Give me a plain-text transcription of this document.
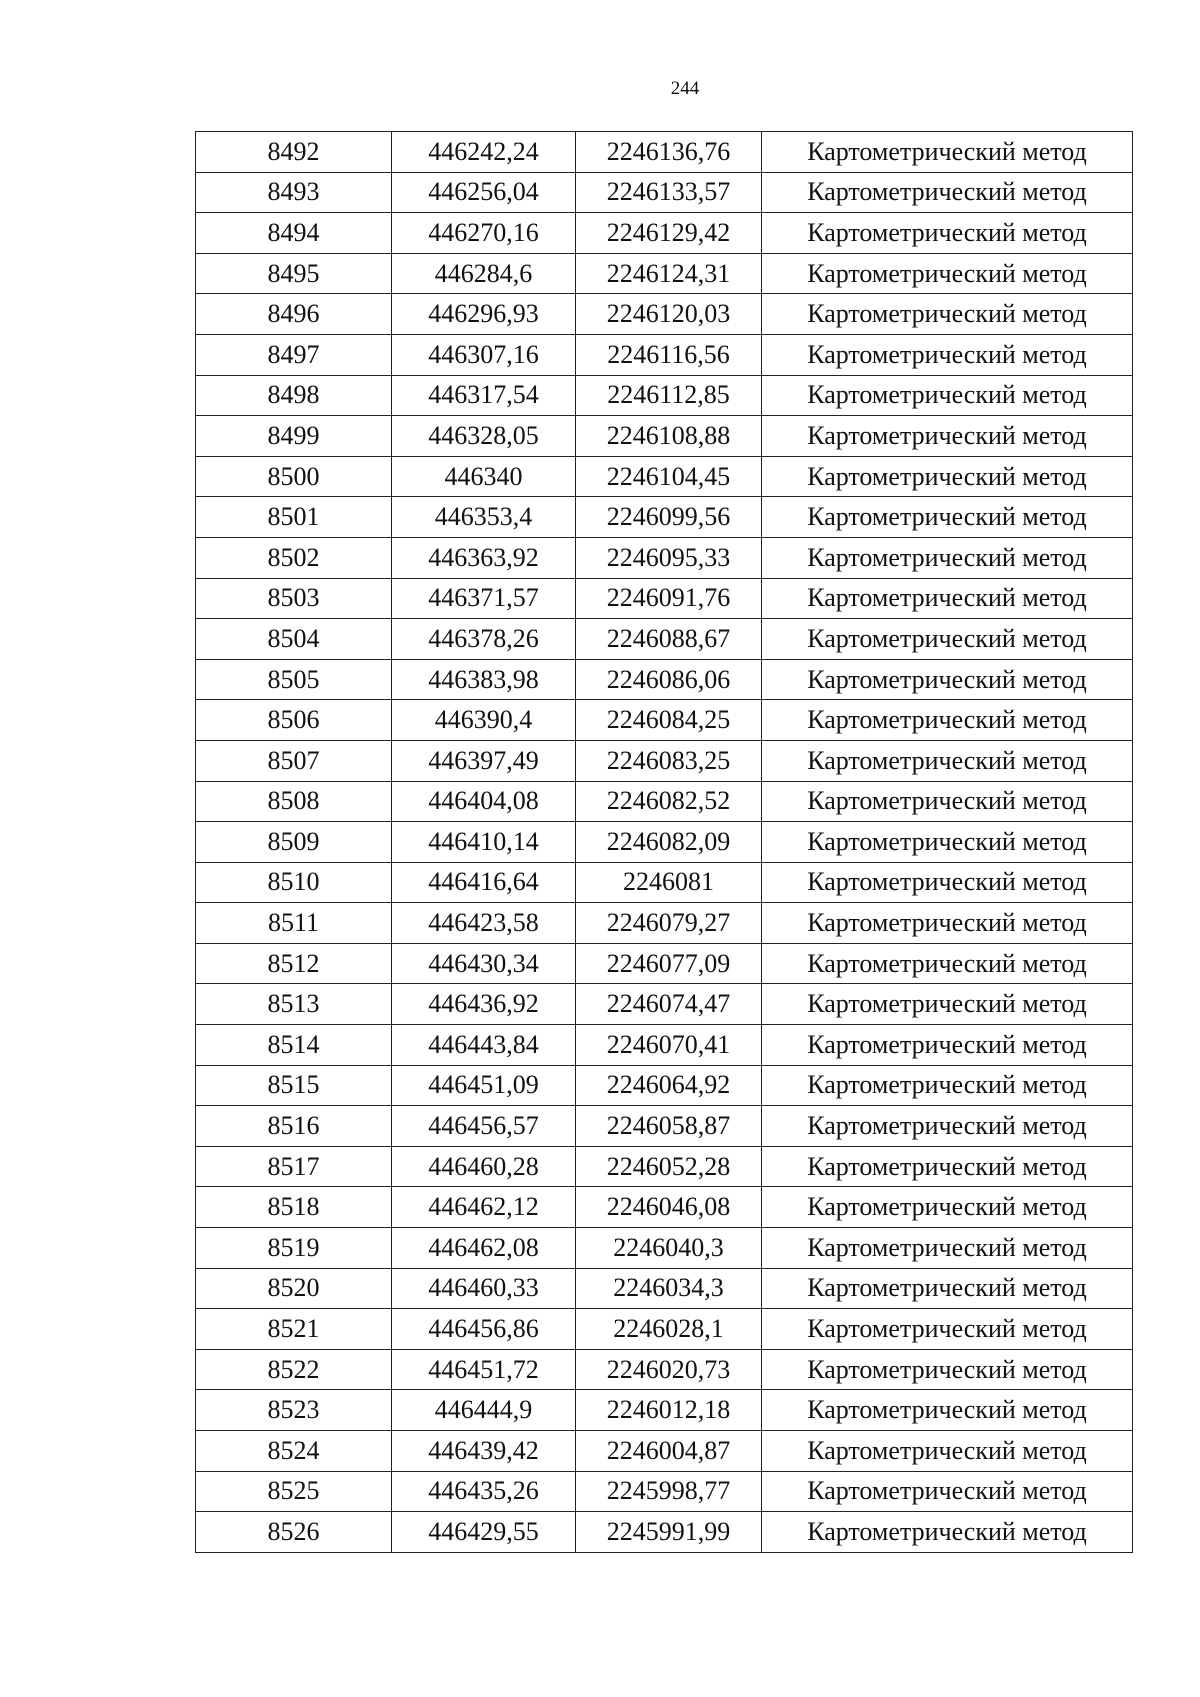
244
8492	446242,24	2246136,76	Картометрический метод
8493	446256,04	2246133,57	Картометрический метод
8494	446270,16	2246129,42	Картометрический метод
8495	446284,6	2246124,31	Картометрический метод
8496	446296,93	2246120,03	Картометрический метод
8497	446307,16	2246116,56	Картометрический метод
8498	446317,54	2246112,85	Картометрический метод
8499	446328,05	2246108,88	Картометрический метод
8500	446340	2246104,45	Картометрический метод
8501	446353,4	2246099,56	Картометрический метод
8502	446363,92	2246095,33	Картометрический метод
8503	446371,57	2246091,76	Картометрический метод
8504	446378,26	2246088,67	Картометрический метод
8505	446383,98	2246086,06	Картометрический метод
8506	446390,4	2246084,25	Картометрический метод
8507	446397,49	2246083,25	Картометрический метод
8508	446404,08	2246082,52	Картометрический метод
8509	446410,14	2246082,09	Картометрический метод
8510	446416,64	2246081	Картометрический метод
8511	446423,58	2246079,27	Картометрический метод
8512	446430,34	2246077,09	Картометрический метод
8513	446436,92	2246074,47	Картометрический метод
8514	446443,84	2246070,41	Картометрический метод
8515	446451,09	2246064,92	Картометрический метод
8516	446456,57	2246058,87	Картометрический метод
8517	446460,28	2246052,28	Картометрический метод
8518	446462,12	2246046,08	Картометрический метод
8519	446462,08	2246040,3	Картометрический метод
8520	446460,33	2246034,3	Картометрический метод
8521	446456,86	2246028,1	Картометрический метод
8522	446451,72	2246020,73	Картометрический метод
8523	446444,9	2246012,18	Картометрический метод
8524	446439,42	2246004,87	Картометрический метод
8525	446435,26	2245998,77	Картометрический метод
8526	446429,55	2245991,99	Картометрический метод
